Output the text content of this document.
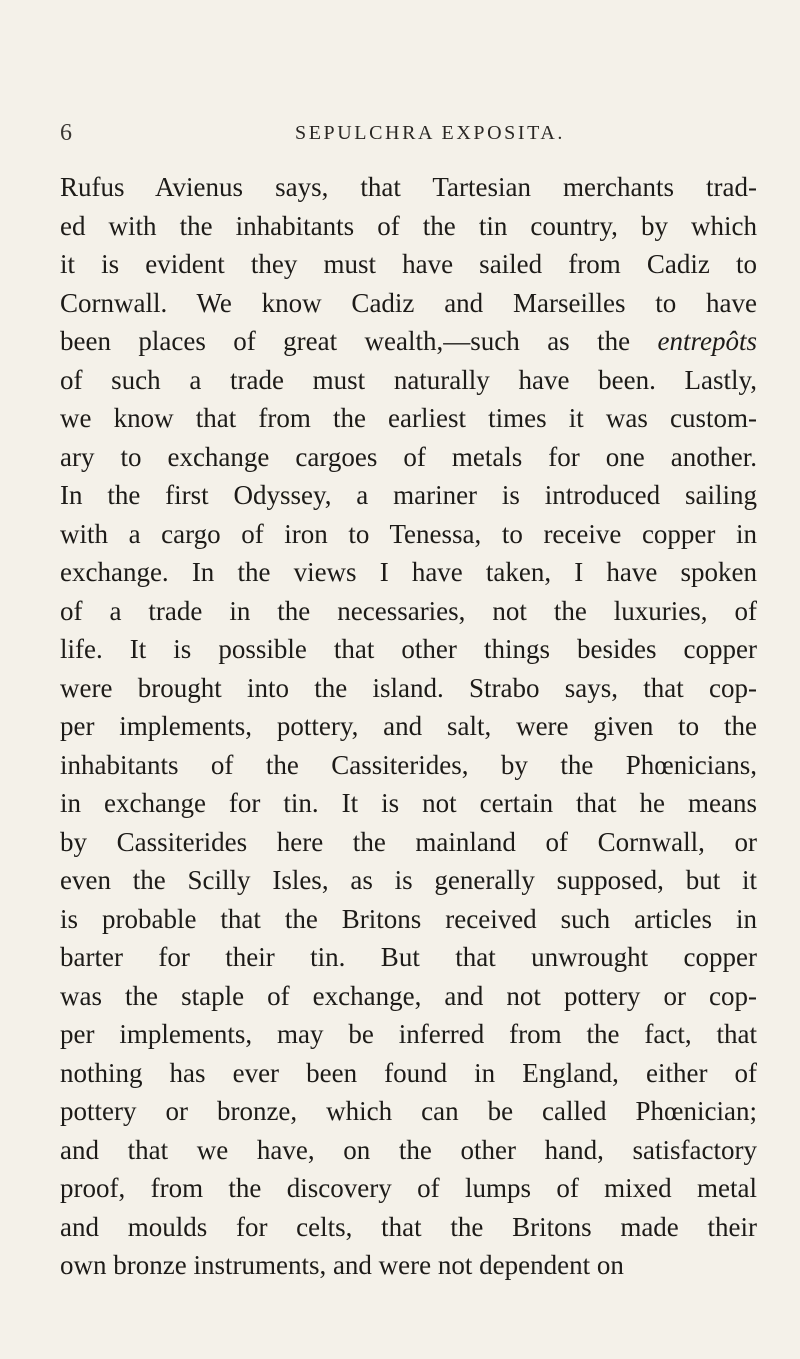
6	SEPULCHRA EXPOSITA.
Rufus Avienus says, that Tartesian merchants trad-
ed with the inhabitants of the tin country, by which
it is evident they must have sailed from Cadiz to
Cornwall. We know Cadiz and Marseilles to have
been places of great wealth,—such as the entrepôts
of such a trade must naturally have been. Lastly,
we know that from the earliest times it was custom-
ary to exchange cargoes of metals for one another.
In the first Odyssey, a mariner is introduced sailing
with a cargo of iron to Tenessa, to receive copper in
exchange. In the views I have taken, I have spoken
of a trade in the necessaries, not the luxuries, of
life. It is possible that other things besides copper
were brought into the island. Strabo says, that cop-
per implements, pottery, and salt, were given to the
inhabitants of the Cassiterides, by the Phœnicians,
in exchange for tin. It is not certain that he means
by Cassiterides here the mainland of Cornwall, or
even the Scilly Isles, as is generally supposed, but it
is probable that the Britons received such articles in
barter for their tin. But that unwrought copper
was the staple of exchange, and not pottery or cop-
per implements, may be inferred from the fact, that
nothing has ever been found in England, either of
pottery or bronze, which can be called Phœnician;
and that we have, on the other hand, satisfactory
proof, from the discovery of lumps of mixed metal
and moulds for celts, that the Britons made their
own bronze instruments, and were not dependent on
